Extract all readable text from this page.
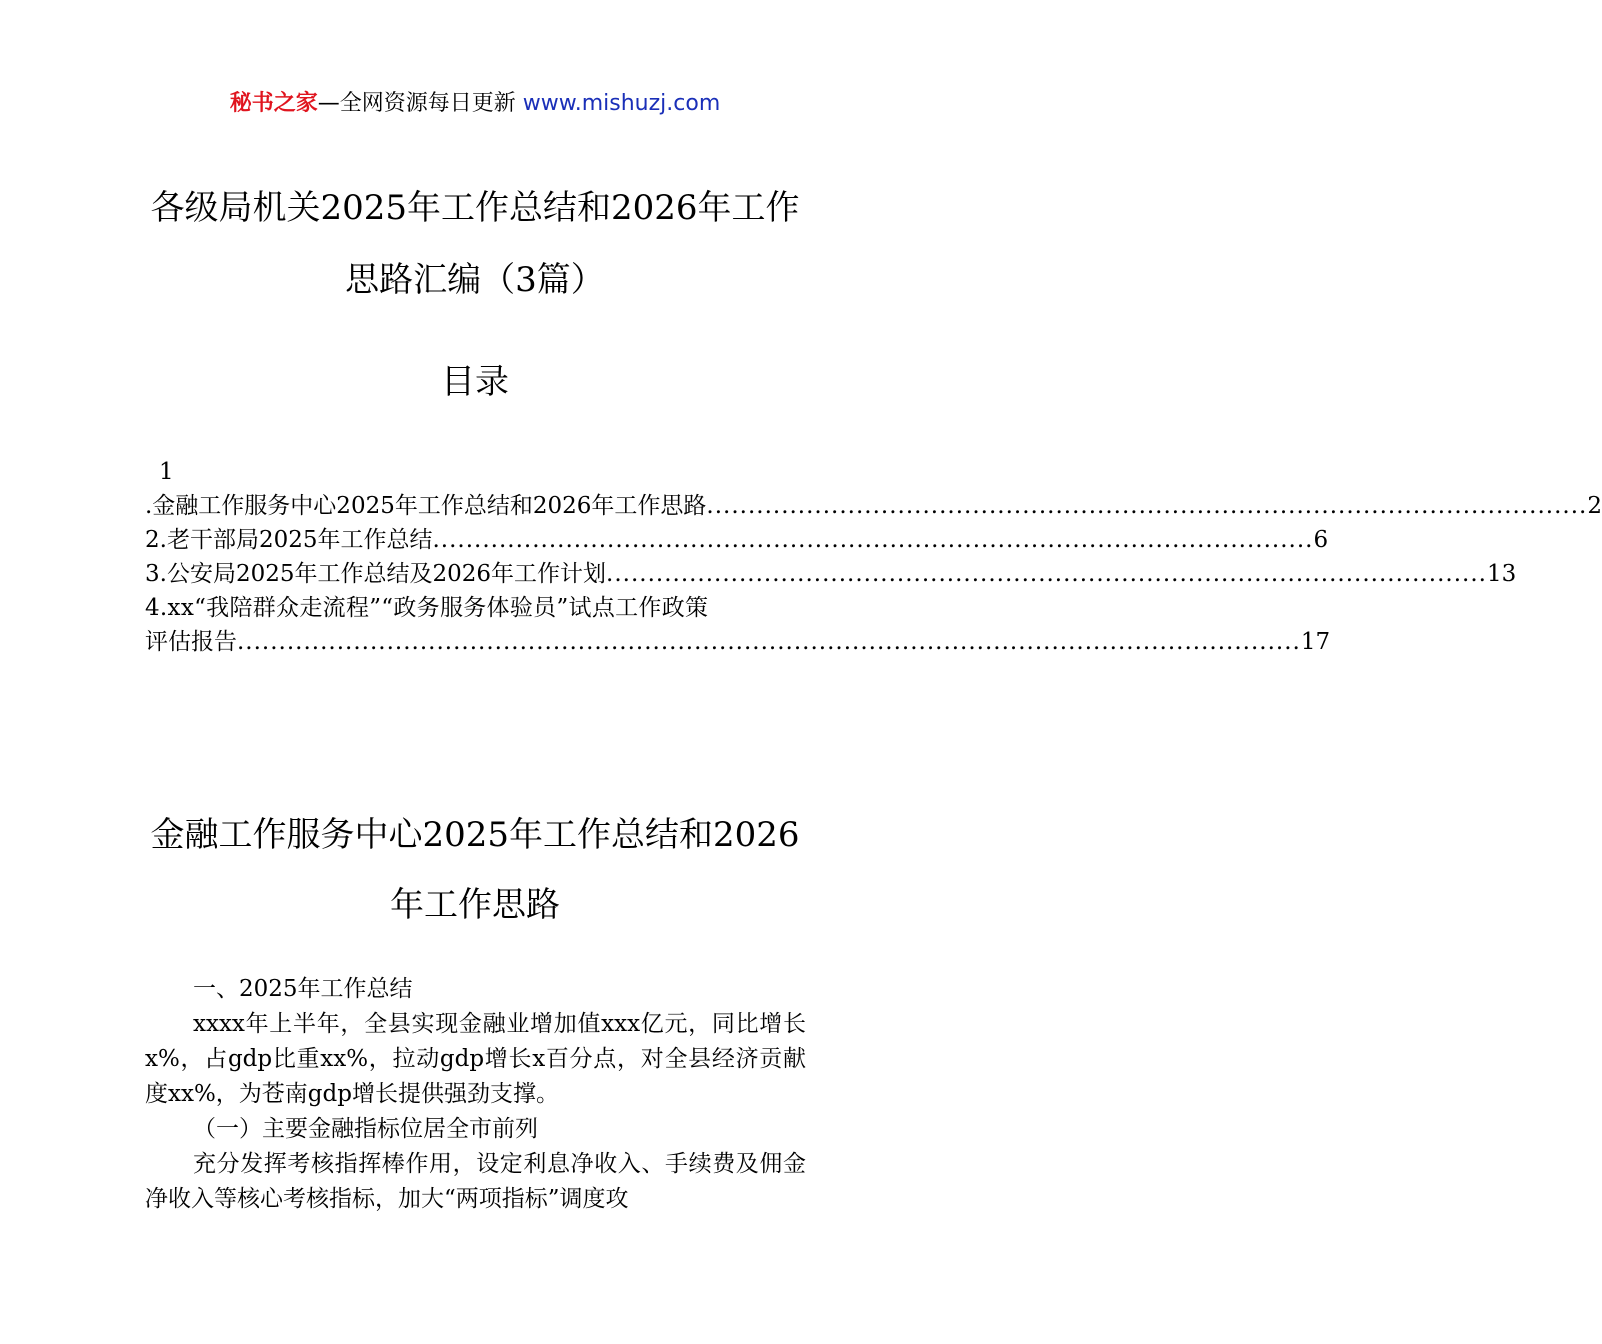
秘书之家—全网资源每日更新 www.mishuzj.com
各级局机关2025年工作总结和2026年工作
思路汇编（3篇）
目录
1
.金融工作服务中心2025年工作总结和2026年工作思路 .......................................................................................................... 2
2.老干部局2025年工作总结 .......................................................................................................... 6
3.公安局2025年工作总结及2026年工作计划 .......................................................................................................... 13
4.xx“我陪群众走流程”“政务服务体验员”试点工作政策
评估报告 ................................................................................................................................ 17
金融工作服务中心2025年工作总结和2026
年工作思路

一、2025年工作总结

xxxx年上半年，全县实现金融业增加值xxx亿元，同比增长x%，占gdp比重xx%，拉动gdp增长x百分点，对全县经济贡献度xx%，为苍南gdp增长提供强劲支撑。

（一）主要金融指标位居全市前列

充分发挥考核指挥棒作用，设定利息净收入、手续费及佣金净收入等核心考核指标，加大“两项指标”调度攻
